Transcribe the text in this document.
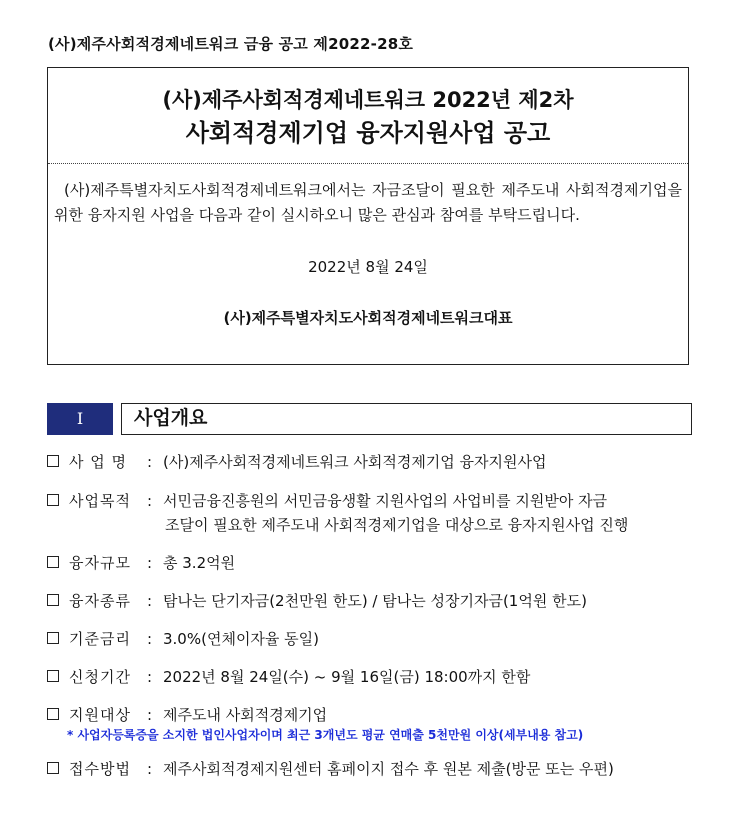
(사)제주사회적경제네트워크 금융 공고 제2022-28호
(사)제주사회적경제네트워크 2022년 제2차
사회적경제기업 융자지원사업 공고
(사)제주특별자치도사회적경제네트워크에서는 자금조달이 필요한 제주도내 사회적경제기업을 위한 융자지원 사업을 다음과 같이 실시하오니 많은 관심과 참여를 부탁드립니다.
2022년 8월 24일
(사)제주특별자치도사회적경제네트워크대표
I	사업개요
사 업 명	: (사)제주사회적경제네트워크 사회적경제기업 융자지원사업
사업목적	: 서민금융진흥원의 서민금융생활 지원사업의 사업비를 지원받아 자금
조달이 필요한 제주도내 사회적경제기업을 대상으로 융자지원사업 진행
융자규모	: 총 3.2억원
융자종류	: 탐나는 단기자금(2천만원 한도) / 탐나는 성장기자금(1억원 한도)
기준금리	: 3.0%(연체이자율 동일)
신청기간	: 2022년 8월 24일(수) ~ 9월 16일(금) 18:00까지 한함
지원대상	: 제주도내 사회적경제기업
* 사업자등록증을 소지한 법인사업자이며 최근 3개년도 평균 연매출 5천만원 이상(세부내용 참고)
접수방법	: 제주사회적경제지원센터 홈페이지 접수 후 원본 제출(방문 또는 우편)
